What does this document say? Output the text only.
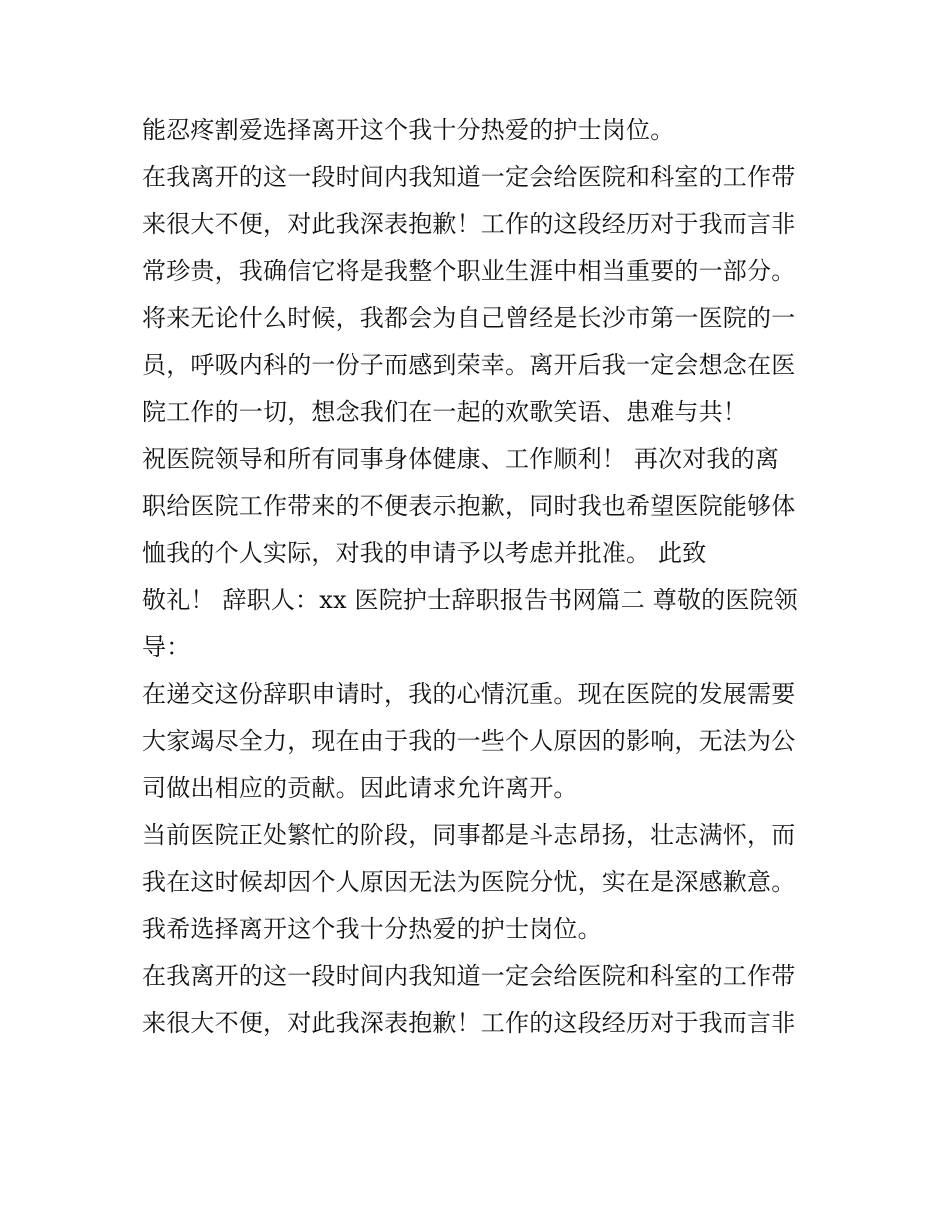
能忍疼割爱选择离开这个我十分热爱的护士岗位。
在我离开的这一段时间内我知道一定会给医院和科室的工作带
来很大不便，对此我深表抱歉！工作的这段经历对于我而言非
常珍贵，我确信它将是我整个职业生涯中相当重要的一部分。
将来无论什么时候，我都会为自己曾经是长沙市第一医院的一
员，呼吸内科的一份子而感到荣幸。离开后我一定会想念在医
院工作的一切，想念我们在一起的欢歌笑语、患难与共！
祝医院领导和所有同事身体健康、工作顺利！ 再次对我的离
职给医院工作带来的不便表示抱歉，同时我也希望医院能够体
恤我的个人实际，对我的申请予以考虑并批准。 此致
敬礼！ 辞职人：xx 医院护士辞职报告书网篇二 尊敬的医院领
导：
在递交这份辞职申请时，我的心情沉重。现在医院的发展需要
大家竭尽全力，现在由于我的一些个人原因的影响，无法为公
司做出相应的贡献。因此请求允许离开。
当前医院正处繁忙的阶段，同事都是斗志昂扬，壮志满怀，而
我在这时候却因个人原因无法为医院分忧，实在是深感歉意。
我希选择离开这个我十分热爱的护士岗位。
在我离开的这一段时间内我知道一定会给医院和科室的工作带
来很大不便，对此我深表抱歉！工作的这段经历对于我而言非
